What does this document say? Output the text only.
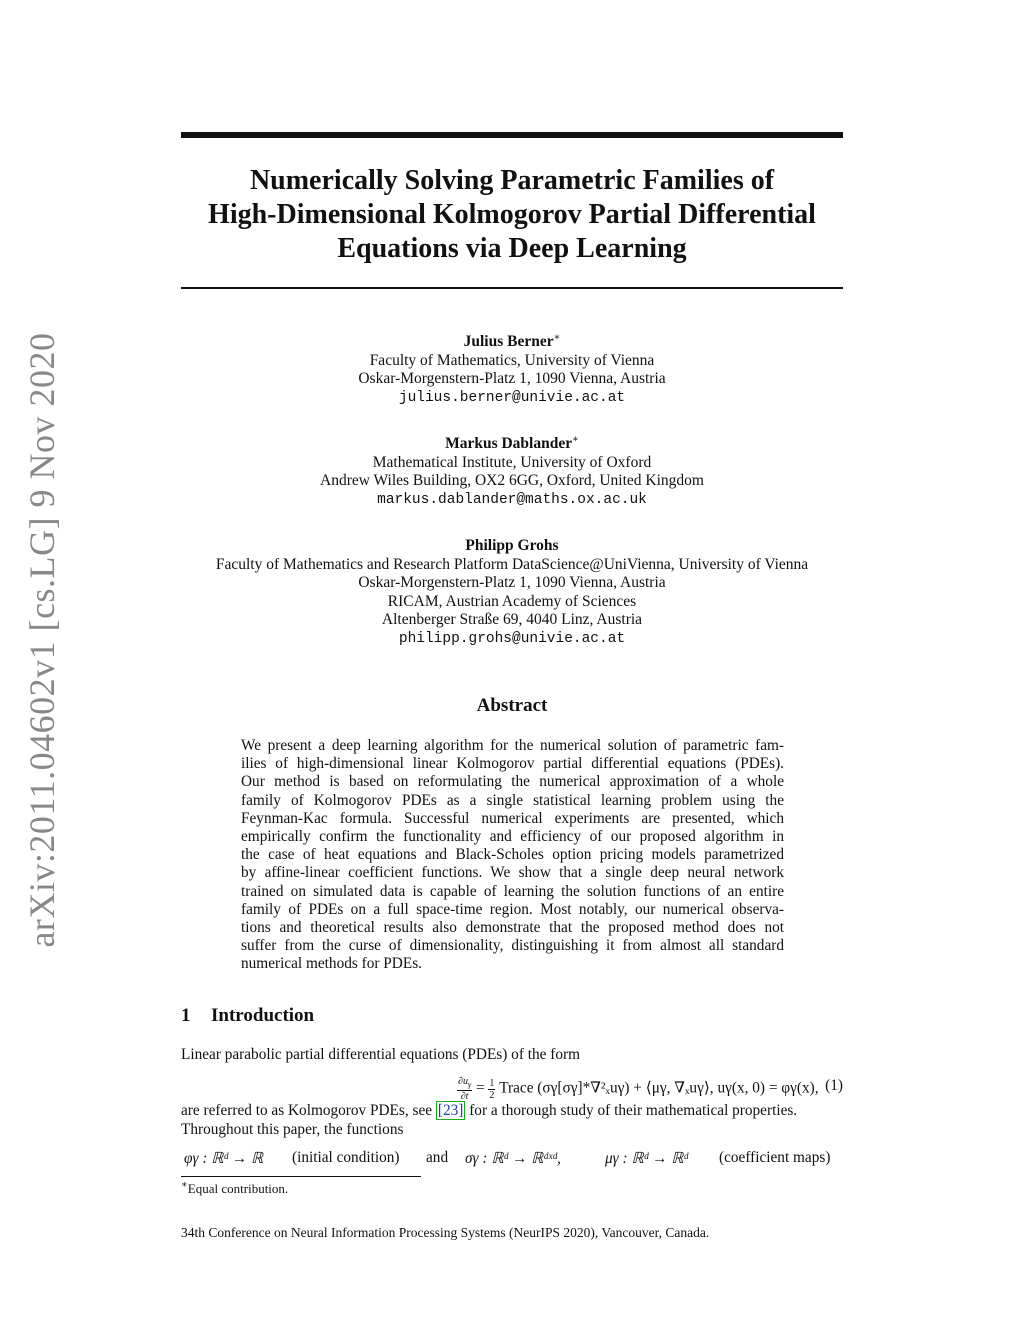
arXiv:2011.04602v1 [cs.LG] 9 Nov 2020
Numerically Solving Parametric Families of
High-Dimensional Kolmogorov Partial Differential
Equations via Deep Learning
Julius Berner∗
Faculty of Mathematics, University of Vienna
Oskar-Morgenstern-Platz 1, 1090 Vienna, Austria
julius.berner@univie.ac.at
Markus Dablander∗
Mathematical Institute, University of Oxford
Andrew Wiles Building, OX2 6GG, Oxford, United Kingdom
markus.dablander@maths.ox.ac.uk
Philipp Grohs
Faculty of Mathematics and Research Platform DataScience@UniVienna, University of Vienna
Oskar-Morgenstern-Platz 1, 1090 Vienna, Austria
RICAM, Austrian Academy of Sciences
Altenberger Straße 69, 4040 Linz, Austria
philipp.grohs@univie.ac.at
Abstract
We present a deep learning algorithm for the numerical solution of parametric fam-
ilies of high-dimensional linear Kolmogorov partial differential equations (PDEs).
Our method is based on reformulating the numerical approximation of a whole
family of Kolmogorov PDEs as a single statistical learning problem using the
Feynman-Kac formula. Successful numerical experiments are presented, which
empirically confirm the functionality and efficiency of our proposed algorithm in
the case of heat equations and Black-Scholes option pricing models parametrized
by affine-linear coefficient functions. We show that a single deep neural network
trained on simulated data is capable of learning the solution functions of an entire
family of PDEs on a full space-time region. Most notably, our numerical observa-
tions and theoretical results also demonstrate that the proposed method does not
suffer from the curse of dimensionality, distinguishing it from almost all standard
numerical methods for PDEs.
1 Introduction
Linear parabolic partial differential equations (PDEs) of the form
$\frac{\partial u_\gamma}{\partial t} = \frac{1}{2}$ Trace (σγ[σγ]*∇²ₓuγ) + ⟨μγ, ∇ₓuγ⟩, uγ(x, 0) = φγ(x), (1)
are referred to as Kolmogorov PDEs, see [23] for a thorough study of their mathematical properties.
Throughout this paper, the functions
φγ : ℝᵈ → ℝ (initial condition) and σγ : ℝᵈ → ℝᵈˣᵈ,	μγ : ℝᵈ → ℝᵈ (coefficient maps)
∗Equal contribution.
34th Conference on Neural Information Processing Systems (NeurIPS 2020), Vancouver, Canada.
